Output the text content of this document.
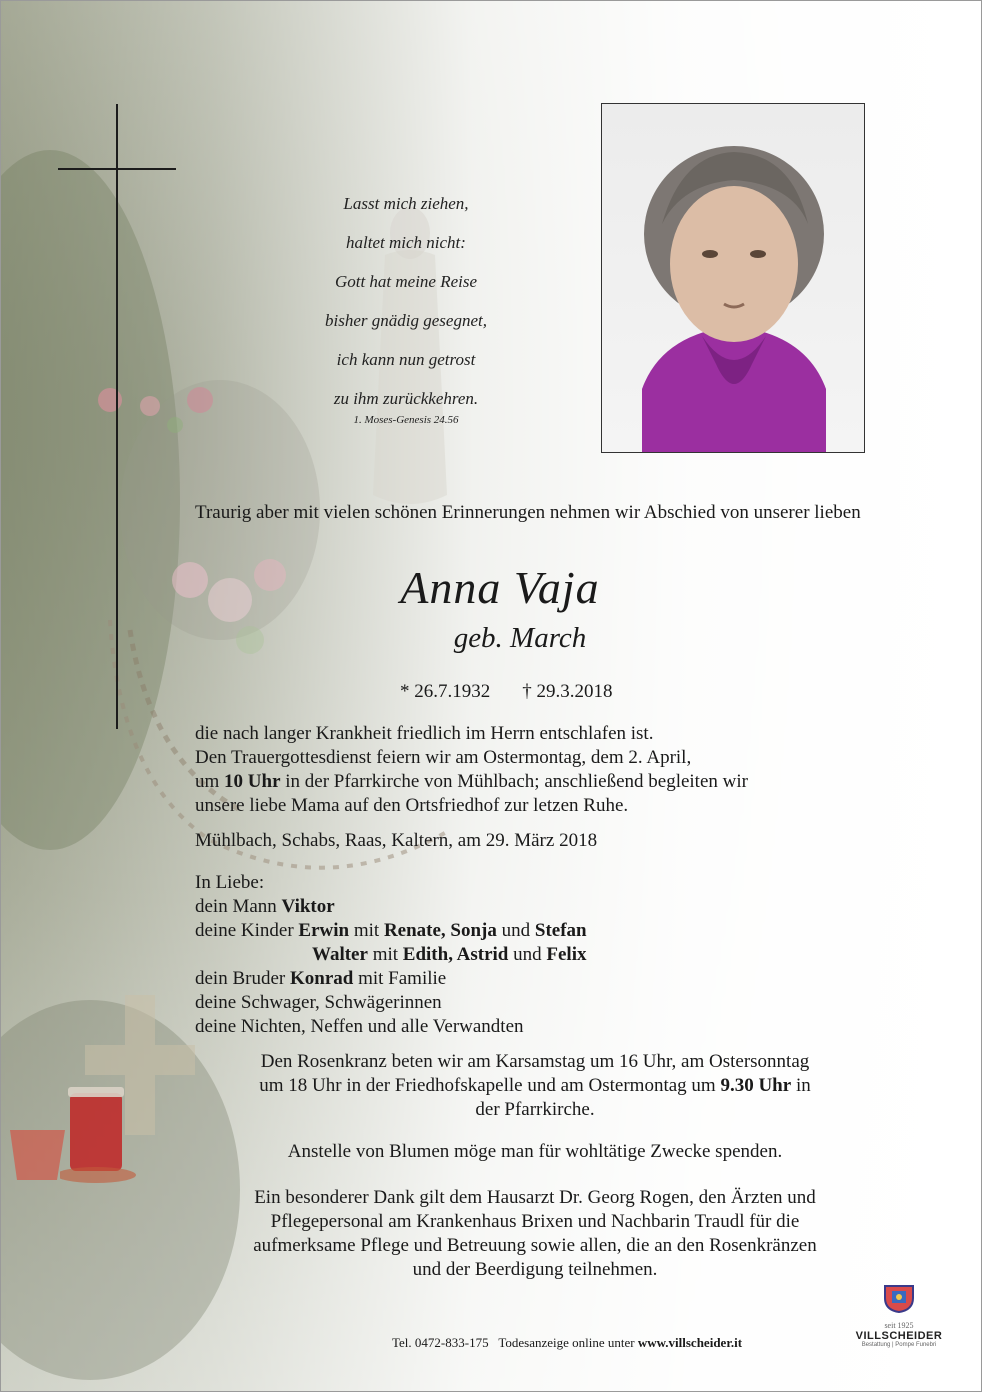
Lasst mich ziehen,
haltet mich nicht:
Gott hat meine Reise
bisher gnädig gesegnet,
ich kann nun getrost
zu ihm zurückkehren.
1. Moses-Genesis 24.56
Traurig aber mit vielen schönen Erinnerungen nehmen wir Abschied von unserer lieben
Anna Vaja
geb. March
* 26.7.1932 † 29.3.2018
die nach langer Krankheit friedlich im Herrn entschlafen ist.
Den Trauergottesdienst feiern wir am Ostermontag, dem 2. April,
um 10 Uhr in der Pfarrkirche von Mühlbach; anschließend begleiten wir
unsere liebe Mama auf den Ortsfriedhof zur letzen Ruhe.
Mühlbach, Schabs, Raas, Kaltern, am 29. März 2018
In Liebe:
dein Mann Viktor
deine Kinder Erwin mit Renate, Sonja und Stefan
Walter mit Edith, Astrid und Felix
dein Bruder Konrad mit Familie
deine Schwager, Schwägerinnen
deine Nichten, Neffen und alle Verwandten
Den Rosenkranz beten wir am Karsamstag um 16 Uhr, am Ostersonntag
um 18 Uhr in der Friedhofskapelle und am Ostermontag um 9.30 Uhr in
der Pfarrkirche.
Anstelle von Blumen möge man für wohltätige Zwecke spenden.
Ein besonderer Dank gilt dem Hausarzt Dr. Georg Rogen, den Ärzten und
Pflegepersonal am Krankenhaus Brixen und Nachbarin Traudl für die
aufmerksame Pflege und Betreuung sowie allen, die an den Rosenkränzen
und der Beerdigung teilnehmen.
Tel. 0472-833-175 Todesanzeige online unter www.villscheider.it
seit 1925
VILLSCHEIDER
Bestattung | Pompe Funebri
